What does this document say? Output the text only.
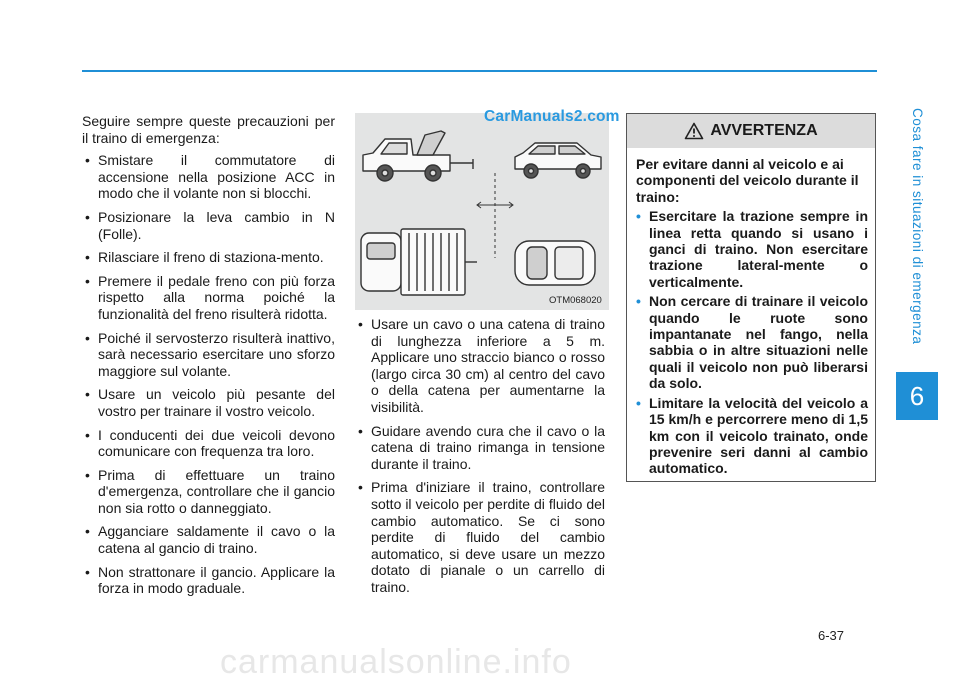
Cosa fare in situazioni di emergenza
6

Seguire sempre queste precauzioni per il traino di emergenza:

• Smistare il commutatore di accensione nella posizione ACC in modo che il volante non si blocchi.
• Posizionare la leva cambio in N (Folle).
• Rilasciare il freno di staziona-mento.
• Premere il pedale freno con più forza rispetto alla norma poiché la funzionalità del freno risulterà ridotta.
• Poiché il servosterzo risulterà inattivo, sarà necessario esercitare uno sforzo maggiore sul volante.
• Usare un veicolo più pesante del vostro per trainare il vostro veicolo.
• I conducenti dei due veicoli devono comunicare con frequenza tra loro.
• Prima di effettuare un traino d'emergenza, controllare che il gancio non sia rotto o danneggiato.
• Agganciare saldamente il cavo o la catena al gancio di traino.
• Non strattonare il gancio. Applicare la forza in modo graduale.
CarManuals2.com
OTM068020
• Usare un cavo o una catena di traino di lunghezza inferiore a 5 m. Applicare uno straccio bianco o rosso (largo circa 30 cm) al centro del cavo o della catena per aumentarne la visibilità.
• Guidare avendo cura che il cavo o la catena di traino rimanga in tensione durante il traino.
• Prima d'iniziare il traino, controllare sotto il veicolo per perdite di fluido del cambio automatico. Se ci sono perdite di fluido del cambio automatico, si deve usare un mezzo dotato di pianale o un carrello di traino.
AVVERTENZA

Per evitare danni al veicolo e ai componenti del veicolo durante il traino:

• Esercitare la trazione sempre in linea retta quando si usano i ganci di traino. Non esercitare trazione lateral-mente o verticalmente.
• Non cercare di trainare il veicolo quando le ruote sono impantanate nel fango, nella sabbia o in altre situazioni nelle quali il veicolo non può liberarsi da solo.
• Limitare la velocità del veicolo a 15 km/h e percorrere meno di 1,5 km con il veicolo trainato, onde prevenire seri danni al cambio automatico.
6-37
carmanualsonline.info
